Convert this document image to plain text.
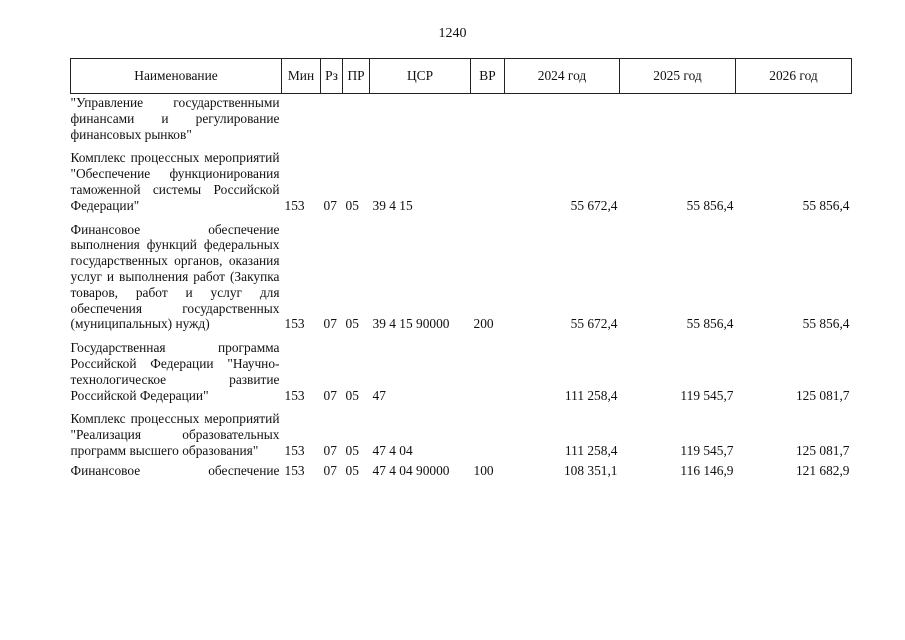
1240
Наименование	Мин	Рз	ПР	ЦСР	ВР	2024 год	2025 год	2026 год
"Управление государственными финансами и регулирование финансовых рынков"								

Комплекс процессных мероприятий "Обеспечение функционирования таможенной системы Российской Федерации"	153	07	05	39 4 15		55 672,4	55 856,4	55 856,4

Финансовое обеспечение выполнения функций федеральных государственных органов, оказания услуг и выполнения работ (Закупка товаров, работ и услуг для обеспечения государственных (муниципальных) нужд)	153	07	05	39 4 15 90000	200	55 672,4	55 856,4	55 856,4

Государственная программа Российской Федерации "Научно-технологическое развитие Российской Федерации"	153	07	05	47		111 258,4	119 545,7	125 081,7

Комплекс процессных мероприятий "Реализация образовательных программ высшего образования"	153	07	05	47 4 04		111 258,4	119 545,7	125 081,7

Финансовое обеспечение	153	07	05	47 4 04 90000	100	108 351,1	116 146,9	121 682,9
